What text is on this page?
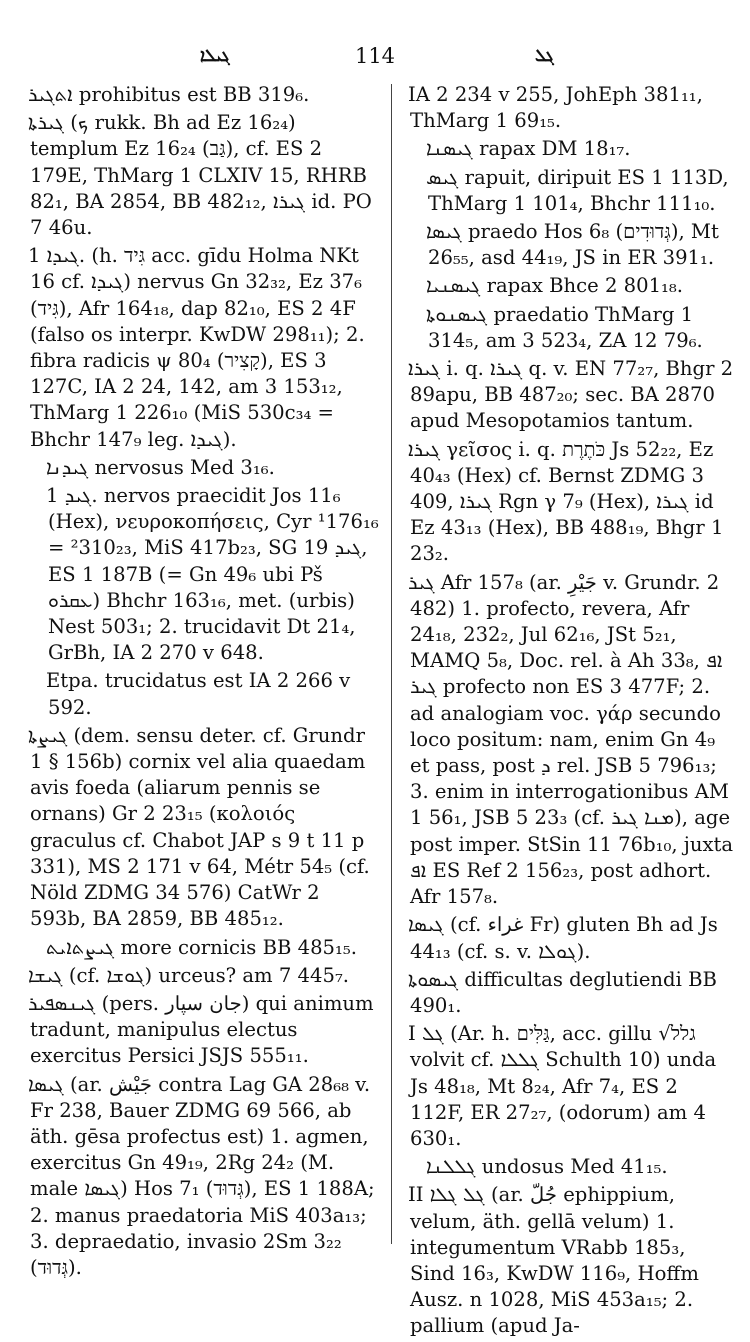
ܓܝܠܐ	114	ܓܠ
ܐܬܓܝܪ prohibitus est BB 319₆.
ܓܝܪܬܐ (ܟ rukk. Bh ad Ez 16₂₄) templum Ez 16₂₄ (גַּב), cf. ES 2 179E, ThMarg 1 CLXIV 15, RHRB 82₁, BA 2854, BB 482₁₂, ܓܝܪܐ id. PO 7 46u.
ܓܝܕܐ 1. (h. גִּיד acc. gīdu Holma NKt 16 cf. ܓܝܕܐ) nervus Gn 32₃₂, Ez 37₆ (גִּיד), Afr 164₁₈, dap 82₁₀, ES 2 4F (falso os interpr. KwDW 298₁₁); 2. fibra radicis ψ 80₄ (קָצִיר), ES 3 127C, IA 2 24, 142, am 3 153₁₂, ThMarg 1 226₁₀ (MiS 530c₃₄ = Bhchr 147₉ leg. ܓܝܕܐ).
ܓܝܕܢܐ nervosus Med 3₁₆.
ܓܝܕ 1. nervos praecidit Jos 11₆ (Hex), νευροκοπήσεις, Cyr ¹176₁₆ = ²310₂₃, MiS 417b₂₃, SG ܓܝܕ 19, ES 1 187B (= Gn 49₆ ubi Pš ܥܩܪܘ) Bhchr 163₁₆, met. (urbis) Nest 503₁; 2. trucidavit Dt 21₄, GrBh, IA 2 270 v 648.
Etpa. trucidatus est IA 2 266 v 592.
ܓܝܨܬܐ (dem. sensu deter. cf. Grundr 1 § 156b) cornix vel alia quaedam avis foeda (aliarum pennis se ornans) Gr 2 23₁₅ (κολοιός graculus cf. Chabot JAP s 9 t 11 p 331), MS 2 171 v 64, Métr 54₅ (cf. Nöld ZDMG 34 576) CatWr 2 593b, BA 2859, BB 485₁₂.
ܓܝܨܬܐܝܬ more cornicis BB 485₁₅.
ܓܝܫܐ (cf. ܓܘܫܐ) urceus? am 7 445₇.
ܓܝܢܣܦܝܪ (pers. جان سپار) qui animum tradunt, manipulus electus exercitus Persici JSJS 555₁₁.
ܓܝܣܐ (ar. جَيْش contra Lag GA 28₆₈ v. Fr 238, Bauer ZDMG 69 566, ab äth. gēsa profectus est) 1. agmen, exercitus Gn 49₁₉, 2Rg 24₂ (M. male ܓܝܣܐ) Hos 7₁ (גְּדוּד), ES 1 188A; 2. manus praedatoria MiS 403a₁₃; 3. depraedatio, invasio 2Sm 3₂₂ (גְּדוּד).
IA 2 234 v 255, JohEph 381₁₁, ThMarg 1 69₁₅.
ܓܝܣܢܐ rapax DM 18₁₇.
ܓܝܣ rapuit, diripuit ES 1 113D, ThMarg 1 101₄, Bhchr 111₁₀.
ܓܝܣܐ praedo Hos 6₈ (גְּדוּדִים), Mt 26₅₅, asd 44₁₉, JS in ER 391₁.
ܓܝܣܢܝܐ rapax Bhce 2 801₁₈.
ܓܝܣܢܘܬܐ praedatio ThMarg 1 314₅, am 3 523₄, ZA 12 79₆.
ܓܝܪܐ i. q. ܓܝܪܐ q. v. EN 77₂₇, Bhgr 2 89apu, BB 487₂₀; sec. BA 2870 apud Mesopotamios tantum.
ܓܝܪܐ γεῖσος i. q. כֹּתֶרֶת Js 52₂₂, Ez 40₄₃ (Hex) cf. Bernst ZDMG 3 409, ܓܝܪܐ Rgn γ 7₉ (Hex), ܓܝܪܐ id Ez 43₁₃ (Hex), BB 488₁₉, Bhgr 1 23₂.
ܓܝܪ Afr 157₈ (ar. جَيْرِ v. Grundr. 2 482) 1. profecto, revera, Afr 24₁₈, 232₂, Jul 62₁₆, JSt 5₂₁, MAMQ 5₈, Doc. rel. à Ah 33₈, ܐܦ ܓܝܪ profecto non ES 3 477F; 2. ad analogiam voc. γάρ secundo loco positum: nam, enim Gn 4₉ et pass, post ܕ rel. JSB 5 796₁₃; 3. enim in interrogationibus AM 1 56₁, JSB 5 23₃ (cf. ܡܢܐ ܓܝܪ), age post imper. StSin 11 76b₁₀, juxta ܐܦ ES Ref 2 156₂₃, post adhort. Afr 157₈.
ܓܝܣܐ (cf. غراء Fr) gluten Bh ad Js 44₁₃ (cf. s. v. ܓܘܠܐ).
ܓܝܣܘܬܐ difficultas deglutiendi BB 490₁.
I ܓܠ (Ar. h. גַּלִּים, acc. gillu √גלל volvit cf. ܓܠܠܐ Schulth 10) unda Js 48₁₈, Mt 8₂₄, Afr 7₄, ES 2 112F, ER 27₂₇, (odorum) am 4 630₁.
ܓܠܠܢܐ undosus Med 41₁₅.
II ܓܠ ܓܠܐ (ar. جُلّ ephippium, velum, äth. gellā velum) 1. integumentum VRabb 185₃, Sind 16₃, KwDW 116₉, Hoffm Ausz. n 1028, MiS 453a₁₅; 2. pallium (apud Ja-
